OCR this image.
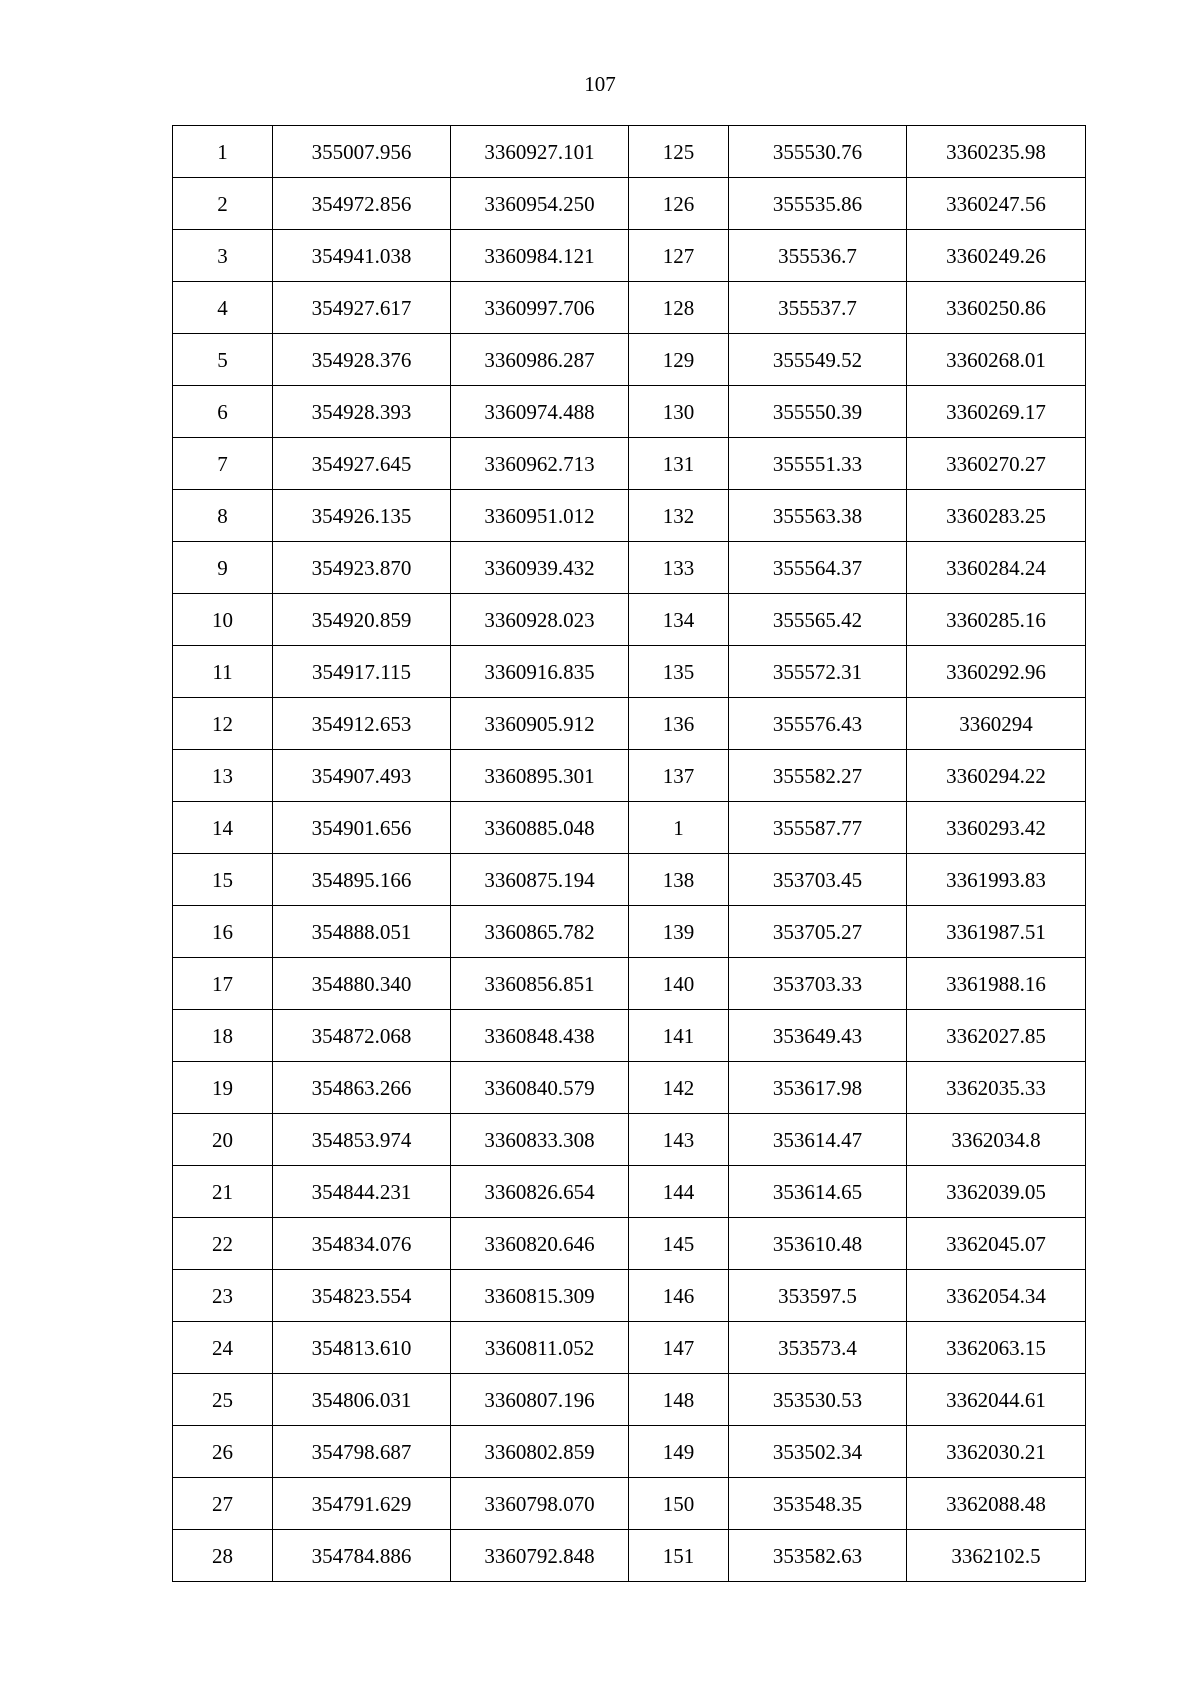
107
1	355007.956	3360927.101	125	355530.76	3360235.98
2	354972.856	3360954.250	126	355535.86	3360247.56
3	354941.038	3360984.121	127	355536.7	3360249.26
4	354927.617	3360997.706	128	355537.7	3360250.86
5	354928.376	3360986.287	129	355549.52	3360268.01
6	354928.393	3360974.488	130	355550.39	3360269.17
7	354927.645	3360962.713	131	355551.33	3360270.27
8	354926.135	3360951.012	132	355563.38	3360283.25
9	354923.870	3360939.432	133	355564.37	3360284.24
10	354920.859	3360928.023	134	355565.42	3360285.16
11	354917.115	3360916.835	135	355572.31	3360292.96
12	354912.653	3360905.912	136	355576.43	3360294
13	354907.493	3360895.301	137	355582.27	3360294.22
14	354901.656	3360885.048	1	355587.77	3360293.42
15	354895.166	3360875.194	138	353703.45	3361993.83
16	354888.051	3360865.782	139	353705.27	3361987.51
17	354880.340	3360856.851	140	353703.33	3361988.16
18	354872.068	3360848.438	141	353649.43	3362027.85
19	354863.266	3360840.579	142	353617.98	3362035.33
20	354853.974	3360833.308	143	353614.47	3362034.8
21	354844.231	3360826.654	144	353614.65	3362039.05
22	354834.076	3360820.646	145	353610.48	3362045.07
23	354823.554	3360815.309	146	353597.5	3362054.34
24	354813.610	3360811.052	147	353573.4	3362063.15
25	354806.031	3360807.196	148	353530.53	3362044.61
26	354798.687	3360802.859	149	353502.34	3362030.21
27	354791.629	3360798.070	150	353548.35	3362088.48
28	354784.886	3360792.848	151	353582.63	3362102.5
